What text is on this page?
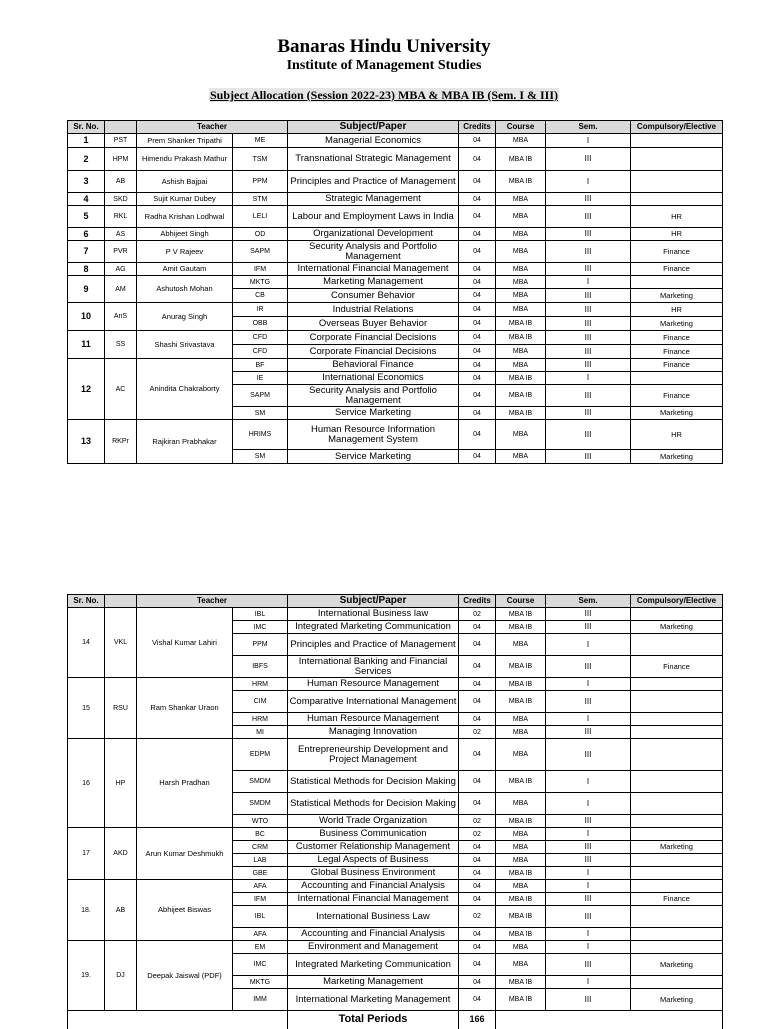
Banaras Hindu University
Institute of Management Studies
Subject Allocation (Session 2022-23) MBA & MBA IB (Sem. I & III)
Sr. No.		Teacher		Subject/Paper	Credits	Course	Sem.	Compulsory/Elective
1	PST	Prem Shanker Tripathi	ME	Managerial Economics	04	MBA	I	
2	HPM	Himendu Prakash Mathur	TSM	Transnational Strategic Management	04	MBA IB	III	
3	AB	Ashish Bajpai	PPM	Principles and Practice of Management	04	MBA IB	I	
4	SKD	Sujit Kumar Dubey	STM	Strategic Management	04	MBA	III	
5	RKL	Radha Krishan Lodhwal	LELI	Labour and Employment Laws in India	04	MBA	III	HR
6	AS	Abhijeet Singh	OD	Organizational Development	04	MBA	III	HR
7	PVR	P V Rajeev	SAPM	Security Analysis and Portfolio Management	04	MBA	III	Finance
8	AG	Amit Gautam	IFM	International Financial Management	04	MBA	III	Finance
9	AM	Ashutosh Mohan	MKTG	Marketing Management	04	MBA	I	
			CB	Consumer Behavior	04	MBA	III	Marketing
10	AnS	Anurag Singh	IR	Industrial Relations	04	MBA	III	HR
			OBB	Overseas Buyer Behavior	04	MBA IB	III	Marketing
11	SS	Shashi Srivastava	CFD	Corporate Financial Decisions	04	MBA IB	III	Finance
			CFD	Corporate Financial Decisions	04	MBA	III	Finance
12	AC	Anindita Chakraborty	BF	Behavioral Finance	04	MBA	III	Finance
			IE	International Economics	04	MBA IB	I	
			SAPM	Security Analysis and Portfolio Management	04	MBA IB	III	Finance
			SM	Service Marketing	04	MBA IB	III	Marketing
13	RKPr	Rajkiran Prabhakar	HRIMS	Human Resource Information Management System	04	MBA	III	HR
			SM	Service Marketing	04	MBA	III	Marketing
Sr. No.		Teacher		Subject/Paper	Credits	Course	Sem.	Compulsory/Elective
14	VKL	Vishal Kumar Lahiri	IBL	International Business law	02	MBA IB	III	
			IMC	Integrated Marketing Communication	04	MBA IB	III	Marketing
			PPM	Principles and Practice of Management	04	MBA	I	
			IBFS	International Banking and Financial Services	04	MBA IB	III	Finance
15	RSU	Ram Shankar Uraon	HRM	Human Resource Management	04	MBA IB	I	
			CIM	Comparative International Management	04	MBA IB	III	
			HRM	Human Resource Management	04	MBA	I	
			MI	Managing Innovation	02	MBA	III	
16	HP	Harsh Pradhan	EDPM	Entrepreneurship Development and Project Management	04	MBA	III	
			SMDM	Statistical Methods for Decision Making	04	MBA IB	I	
			SMDM	Statistical Methods for Decision Making	04	MBA	I	
			WTO	World Trade Organization	02	MBA IB	III	
17	AKD	Arun Kumar Deshmukh	BC	Business Communication	02	MBA	I	
			CRM	Customer Relationship Management	04	MBA	III	Marketing
			LAB	Legal Aspects of Business	04	MBA	III	
			GBE	Global Business Environment	04	MBA IB	I	
18.	AB	Abhijeet Biswas	AFA	Accounting and Financial Analysis	04	MBA	I	
			IFM	International Financial Management	04	MBA IB	III	Finance
			IBL	International Business Law	02	MBA IB	III	
			AFA	Accounting and Financial Analysis	04	MBA IB	I	
19.	DJ	Deepak Jaiswal (PDF)	EM	Environment and Management	04	MBA	I	
			IMC	Integrated Marketing Communication	04	MBA	III	Marketing
			MKTG	Marketing Management	04	MBA IB	I	
			IMM	International Marketing Management	04	MBA IB	III	Marketing
				Total Periods	166			
